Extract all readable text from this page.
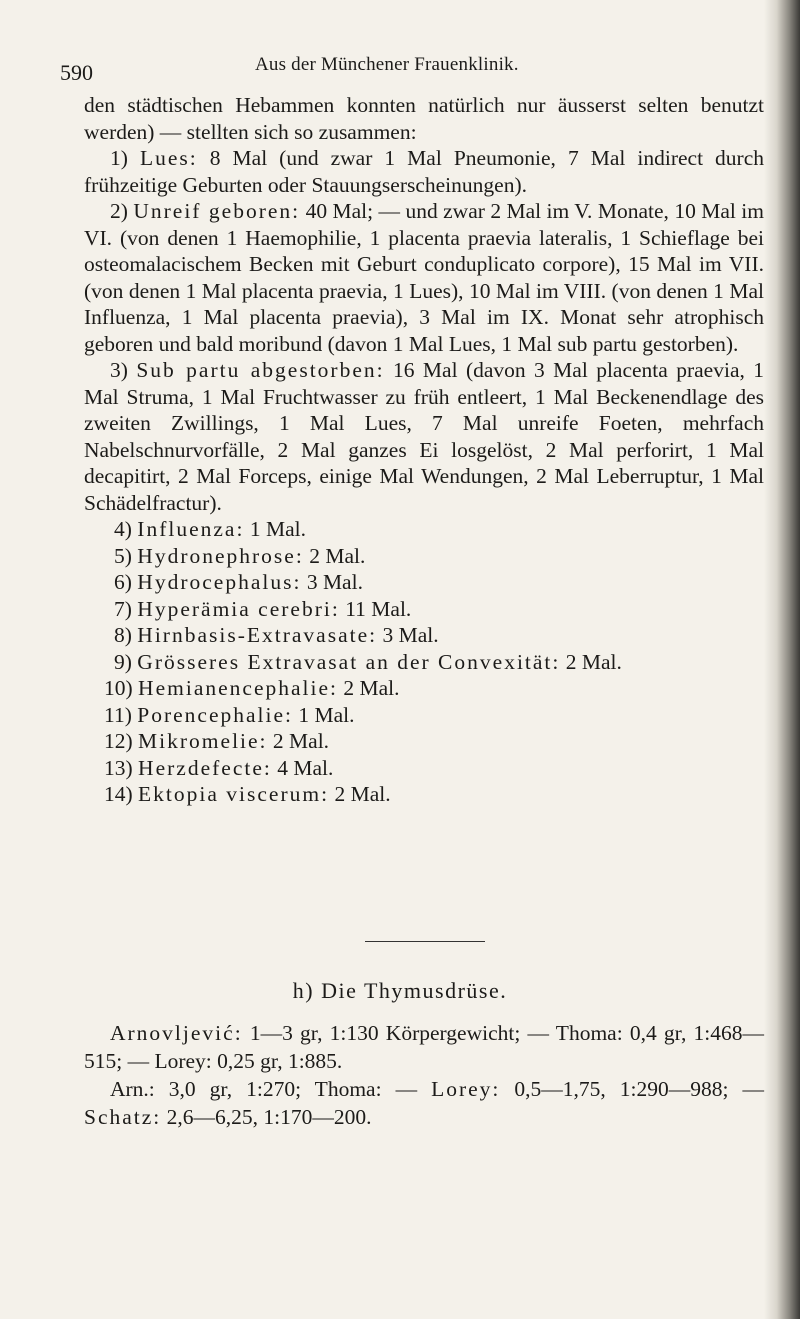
590	Aus der Münchener Frauenklinik.

den städtischen Hebammen konnten natürlich nur äusserst selten benutzt werden) — stellten sich so zusammen:

1) Lues: 8 Mal (und zwar 1 Mal Pneumonie, 7 Mal indirect durch frühzeitige Geburten oder Stauungserscheinungen).

2) Unreif geboren: 40 Mal; — und zwar 2 Mal im V. Monate, 10 Mal im VI. (von denen 1 Haemophilie, 1 placenta praevia lateralis, 1 Schieflage bei osteomalacischem Becken mit Geburt conduplicato corpore), 15 Mal im VII. (von denen 1 Mal placenta praevia, 1 Lues), 10 Mal im VIII. (von denen 1 Mal Influenza, 1 Mal placenta praevia), 3 Mal im IX. Monat sehr atrophisch geboren und bald moribund (davon 1 Mal Lues, 1 Mal sub partu gestorben).

3) Sub partu abgestorben: 16 Mal (davon 3 Mal placenta praevia, 1 Mal Struma, 1 Mal Fruchtwasser zu früh entleert, 1 Mal Beckenendlage des zweiten Zwillings, 1 Mal Lues, 7 Mal unreife Foeten, mehrfach Nabelschnurvorfälle, 2 Mal ganzes Ei losgelöst, 2 Mal perforirt, 1 Mal decapitirt, 2 Mal Forceps, einige Mal Wendungen, 2 Mal Leberruptur, 1 Mal Schädelfractur).

4) Influenza: 1 Mal.

5) Hydronephrose: 2 Mal.

6) Hydrocephalus: 3 Mal.

7) Hyperämia cerebri: 11 Mal.

8) Hirnbasis-Extravasate: 3 Mal.

9) Grösseres Extravasat an der Convexität: 2 Mal.

10) Hemianencephalie: 2 Mal.

11) Porencephalie: 1 Mal.

12) Mikromelie: 2 Mal.

13) Herzdefecte: 4 Mal.

14) Ektopia viscerum: 2 Mal.

h) Die Thymusdrüse.

Arnovljević: 1—3 gr, 1:130 Körpergewicht; — Thoma: 0,4 gr, 1:468—515; — Lorey: 0,25 gr, 1:885.

Arn.: 3,0 gr, 1:270; Thoma: — Lorey: 0,5—1,75, 1:290—988; — Schatz: 2,6—6,25, 1:170—200.
